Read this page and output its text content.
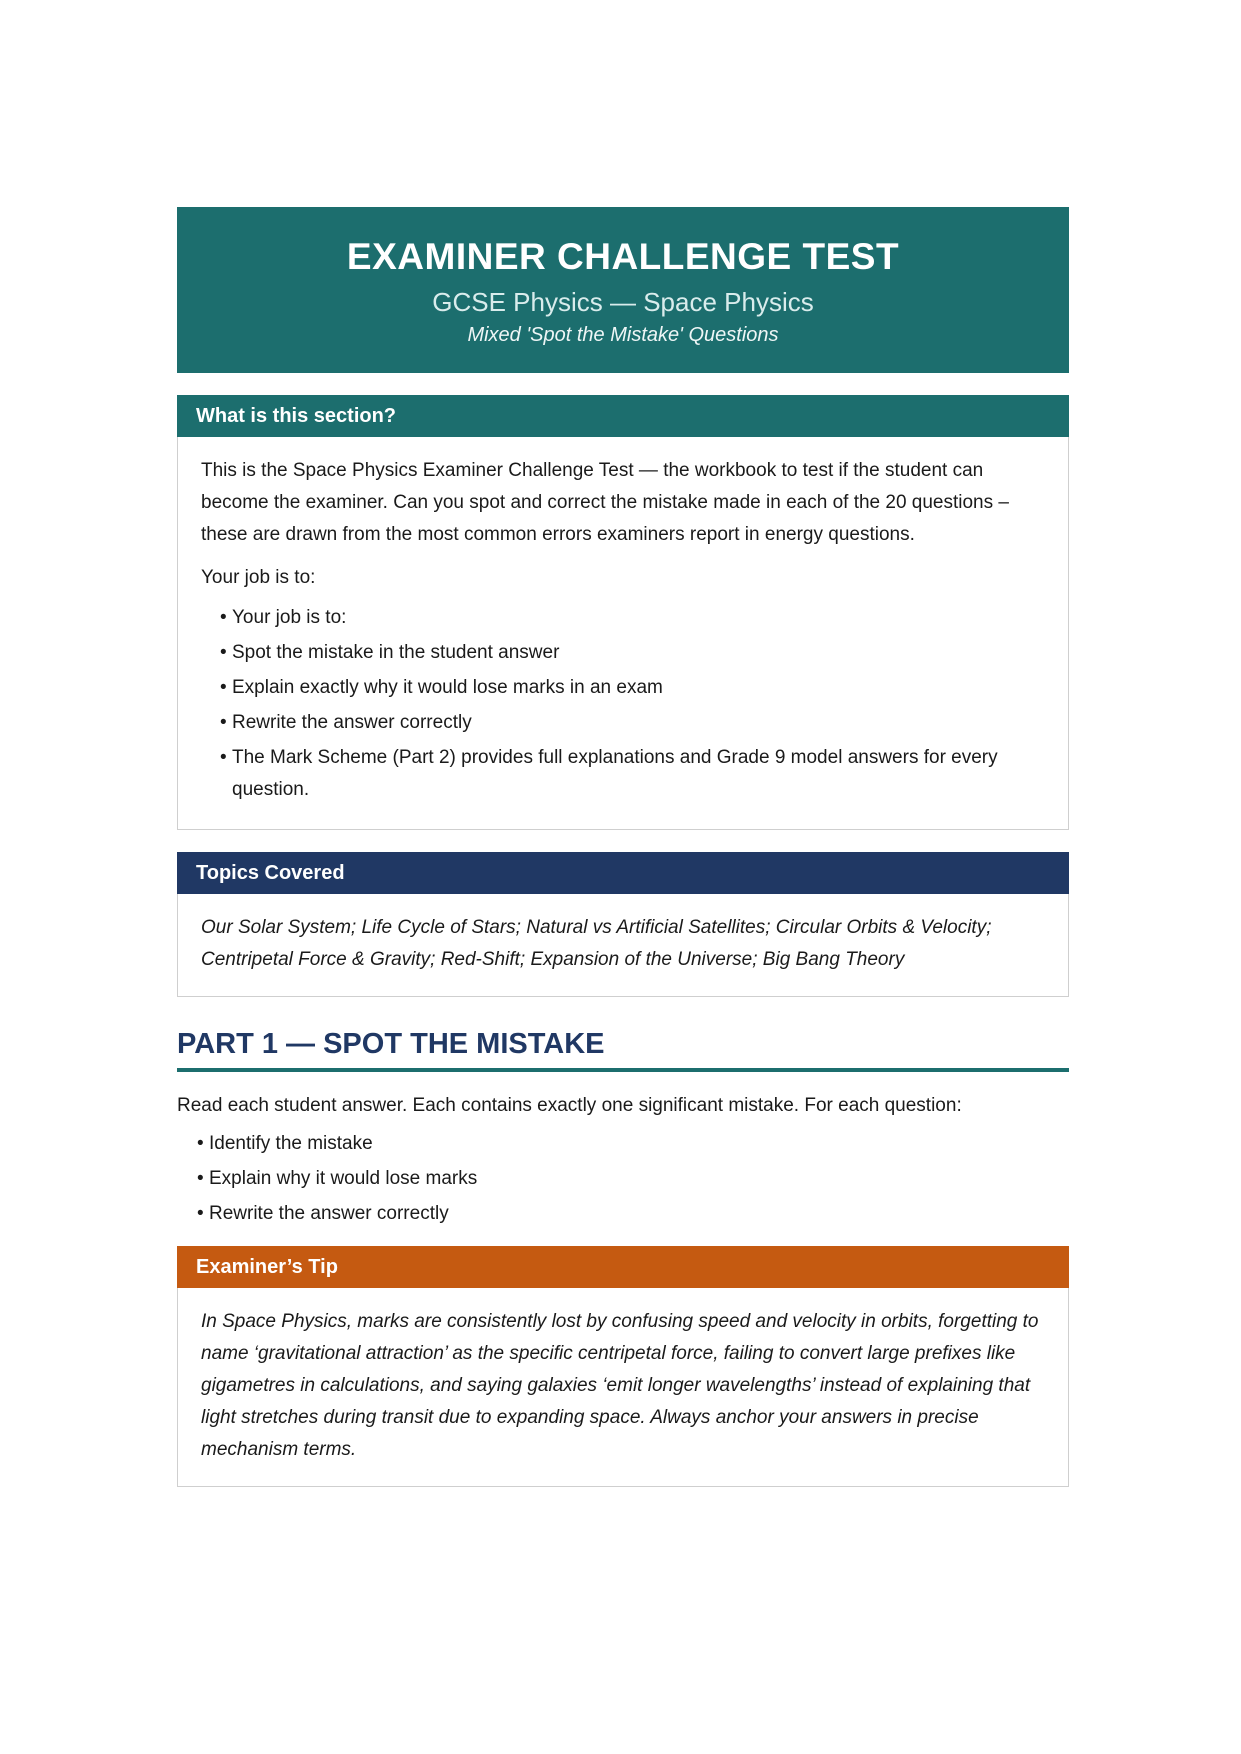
EXAMINER CHALLENGE TEST
GCSE Physics — Space Physics
Mixed 'Spot the Mistake' Questions
What is this section?

This is the Space Physics Examiner Challenge Test — the workbook to test if the student can become the examiner. Can you spot and correct the mistake made in each of the 20 questions – these are drawn from the most common errors examiners report in energy questions.

Your job is to:

• Your job is to:
• Spot the mistake in the student answer
• Explain exactly why it would lose marks in an exam
• Rewrite the answer correctly
• The Mark Scheme (Part 2) provides full explanations and Grade 9 model answers for every question.
Topics Covered

Our Solar System; Life Cycle of Stars; Natural vs Artificial Satellites; Circular Orbits & Velocity; Centripetal Force & Gravity; Red-Shift; Expansion of the Universe; Big Bang Theory

PART 1 — SPOT THE MISTAKE
Read each student answer. Each contains exactly one significant mistake. For each question:
• Identify the mistake
• Explain why it would lose marks
• Rewrite the answer correctly
Examiner’s Tip

In Space Physics, marks are consistently lost by confusing speed and velocity in orbits, forgetting to name ‘gravitational attraction’ as the specific centripetal force, failing to convert large prefixes like gigametres in calculations, and saying galaxies ‘emit longer wavelengths’ instead of explaining that light stretches during transit due to expanding space. Always anchor your answers in precise mechanism terms.
